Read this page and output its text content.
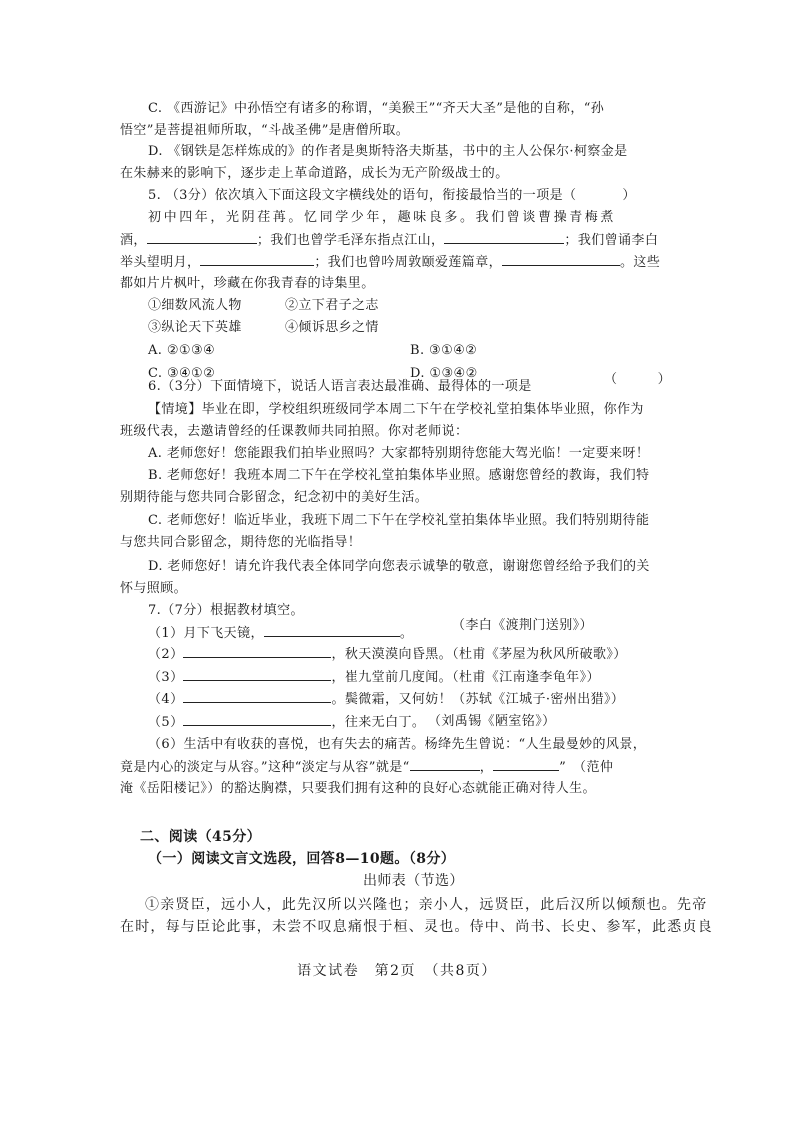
C. 《西游记》中孙悟空有诸多的称谓，“美猴王”“齐天大圣”是他的自称，“孙
悟空”是菩提祖师所取，“斗战圣佛”是唐僧所取。
D. 《钢铁是怎样炼成的》的作者是奥斯特洛夫斯基，书中的主人公保尔·柯察金是
在朱赫来的影响下，逐步走上革命道路，成长为无产阶级战士的。
5. （3分）依次填入下面这段文字横线处的语句，衔接最恰当的一项是（	）
初中四年，光阴荏苒。忆同学少年，趣味良多。我们曾谈曹操青梅煮
酒，	；我们也曾学毛泽东指点江山，	；我们曾诵李白
举头望明月，	；我们也曾吟周敦颐爱莲篇章，	。这些
都如片片枫叶，珍藏在你我青春的诗集里。
①细数风流人物	②立下君子之志
③纵论天下英雄	④倾诉思乡之情
A. ②①③④	B. ③①④②
C. ③④①②	D. ①③④②
6.（3分）下面情境下，说话人语言表达最准确、最得体的一项是	（　　　）
【情境】毕业在即，学校组织班级同学本周二下午在学校礼堂拍集体毕业照，你作为
班级代表，去邀请曾经的任课教师共同拍照。你对老师说：
A. 老师您好！您能跟我们拍毕业照吗？大家都特别期待您能大驾光临！一定要来呀！
B. 老师您好！我班本周二下午在学校礼堂拍集体毕业照。感谢您曾经的教诲，我们特
别期待能与您共同合影留念，纪念初中的美好生活。
C. 老师您好！临近毕业，我班下周二下午在学校礼堂拍集体毕业照。我们特别期待能
与您共同合影留念，期待您的光临指导！
D. 老师您好！请允许我代表全体同学向您表示诚挚的敬意，谢谢您曾经给予我们的关
怀与照顾。
7.（7分）根据教材填空。
（1）月下飞天镜，	。
（李白《渡荆门送别》）
（2）	，秋天漠漠向昏黑。（杜甫《茅屋为秋风所破歌》）
（3）	，崔九堂前几度闻。（杜甫《江南逢李龟年》）
（4）	。鬓微霜，又何妨！（苏轼《江城子·密州出猎》）
（5）	，往来无白丁。 （刘禹锡《陋室铭》）
（6）生活中有收获的喜悦，也有失去的痛苦。杨绛先生曾说：“人生最曼妙的风景，
竟是内心的淡定与从容。”这种“淡定与从容”就是“	，	”　（范仲
淹《岳阳楼记》）的豁达胸襟，只要我们拥有这种的良好心态就能正确对待人生。
二、阅读（45分）
（一）阅读文言文选段，回答8—10题。（8分）
出师表（节选）
①亲贤臣，远小人，此先汉所以兴隆也；亲小人，远贤臣，此后汉所以倾颓也。先帝
在时，每与臣论此事，未尝不叹息痛恨于桓、灵也。侍中、尚书、长史、参军，此悉贞良
语文试卷　第2页　（共8页）
